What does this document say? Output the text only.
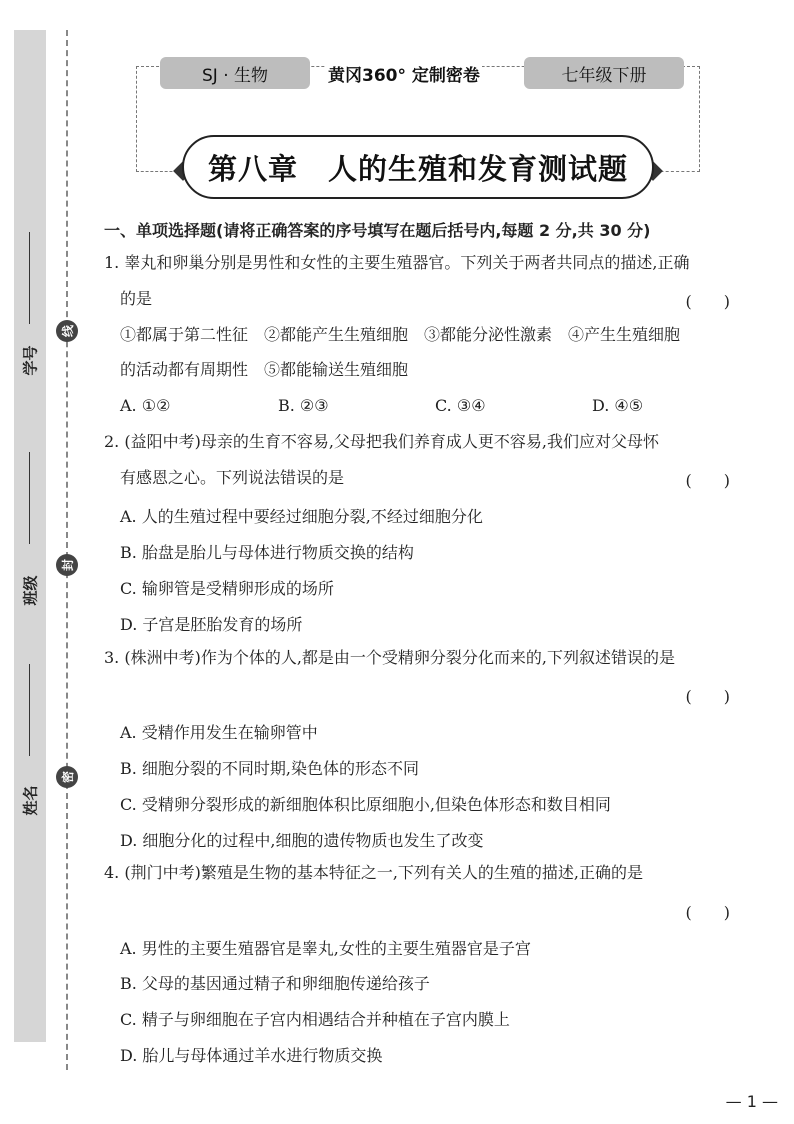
学号
班级
姓名
线
封
密
SJ · 生物	黄冈360° 定制密卷	七年级下册
第八章　人的生殖和发育测试题
一、单项选择题(请将正确答案的序号填写在题后括号内,每题 2 分,共 30 分)
1. 睾丸和卵巢分别是男性和女性的主要生殖器官。下列关于两者共同点的描述,正确
的是	(　　)
①都属于第二性征　②都能产生生殖细胞　③都能分泌性激素　④产生生殖细胞
的活动都有周期性　⑤都能输送生殖细胞
A. ①②	B. ②③	C. ③④	D. ④⑤
2. (益阳中考)母亲的生育不容易,父母把我们养育成人更不容易,我们应对父母怀
有感恩之心。下列说法错误的是	(　　)
A. 人的生殖过程中要经过细胞分裂,不经过细胞分化
B. 胎盘是胎儿与母体进行物质交换的结构
C. 输卵管是受精卵形成的场所
D. 子宫是胚胎发育的场所
3. (株洲中考)作为个体的人,都是由一个受精卵分裂分化而来的,下列叙述错误的是
(　　)
A. 受精作用发生在输卵管中
B. 细胞分裂的不同时期,染色体的形态不同
C. 受精卵分裂形成的新细胞体积比原细胞小,但染色体形态和数目相同
D. 细胞分化的过程中,细胞的遗传物质也发生了改变
4. (荆门中考)繁殖是生物的基本特征之一,下列有关人的生殖的描述,正确的是
(　　)
A. 男性的主要生殖器官是睾丸,女性的主要生殖器官是子宫
B. 父母的基因通过精子和卵细胞传递给孩子
C. 精子与卵细胞在子宫内相遇结合并种植在子宫内膜上
D. 胎儿与母体通过羊水进行物质交换
— 1 —
